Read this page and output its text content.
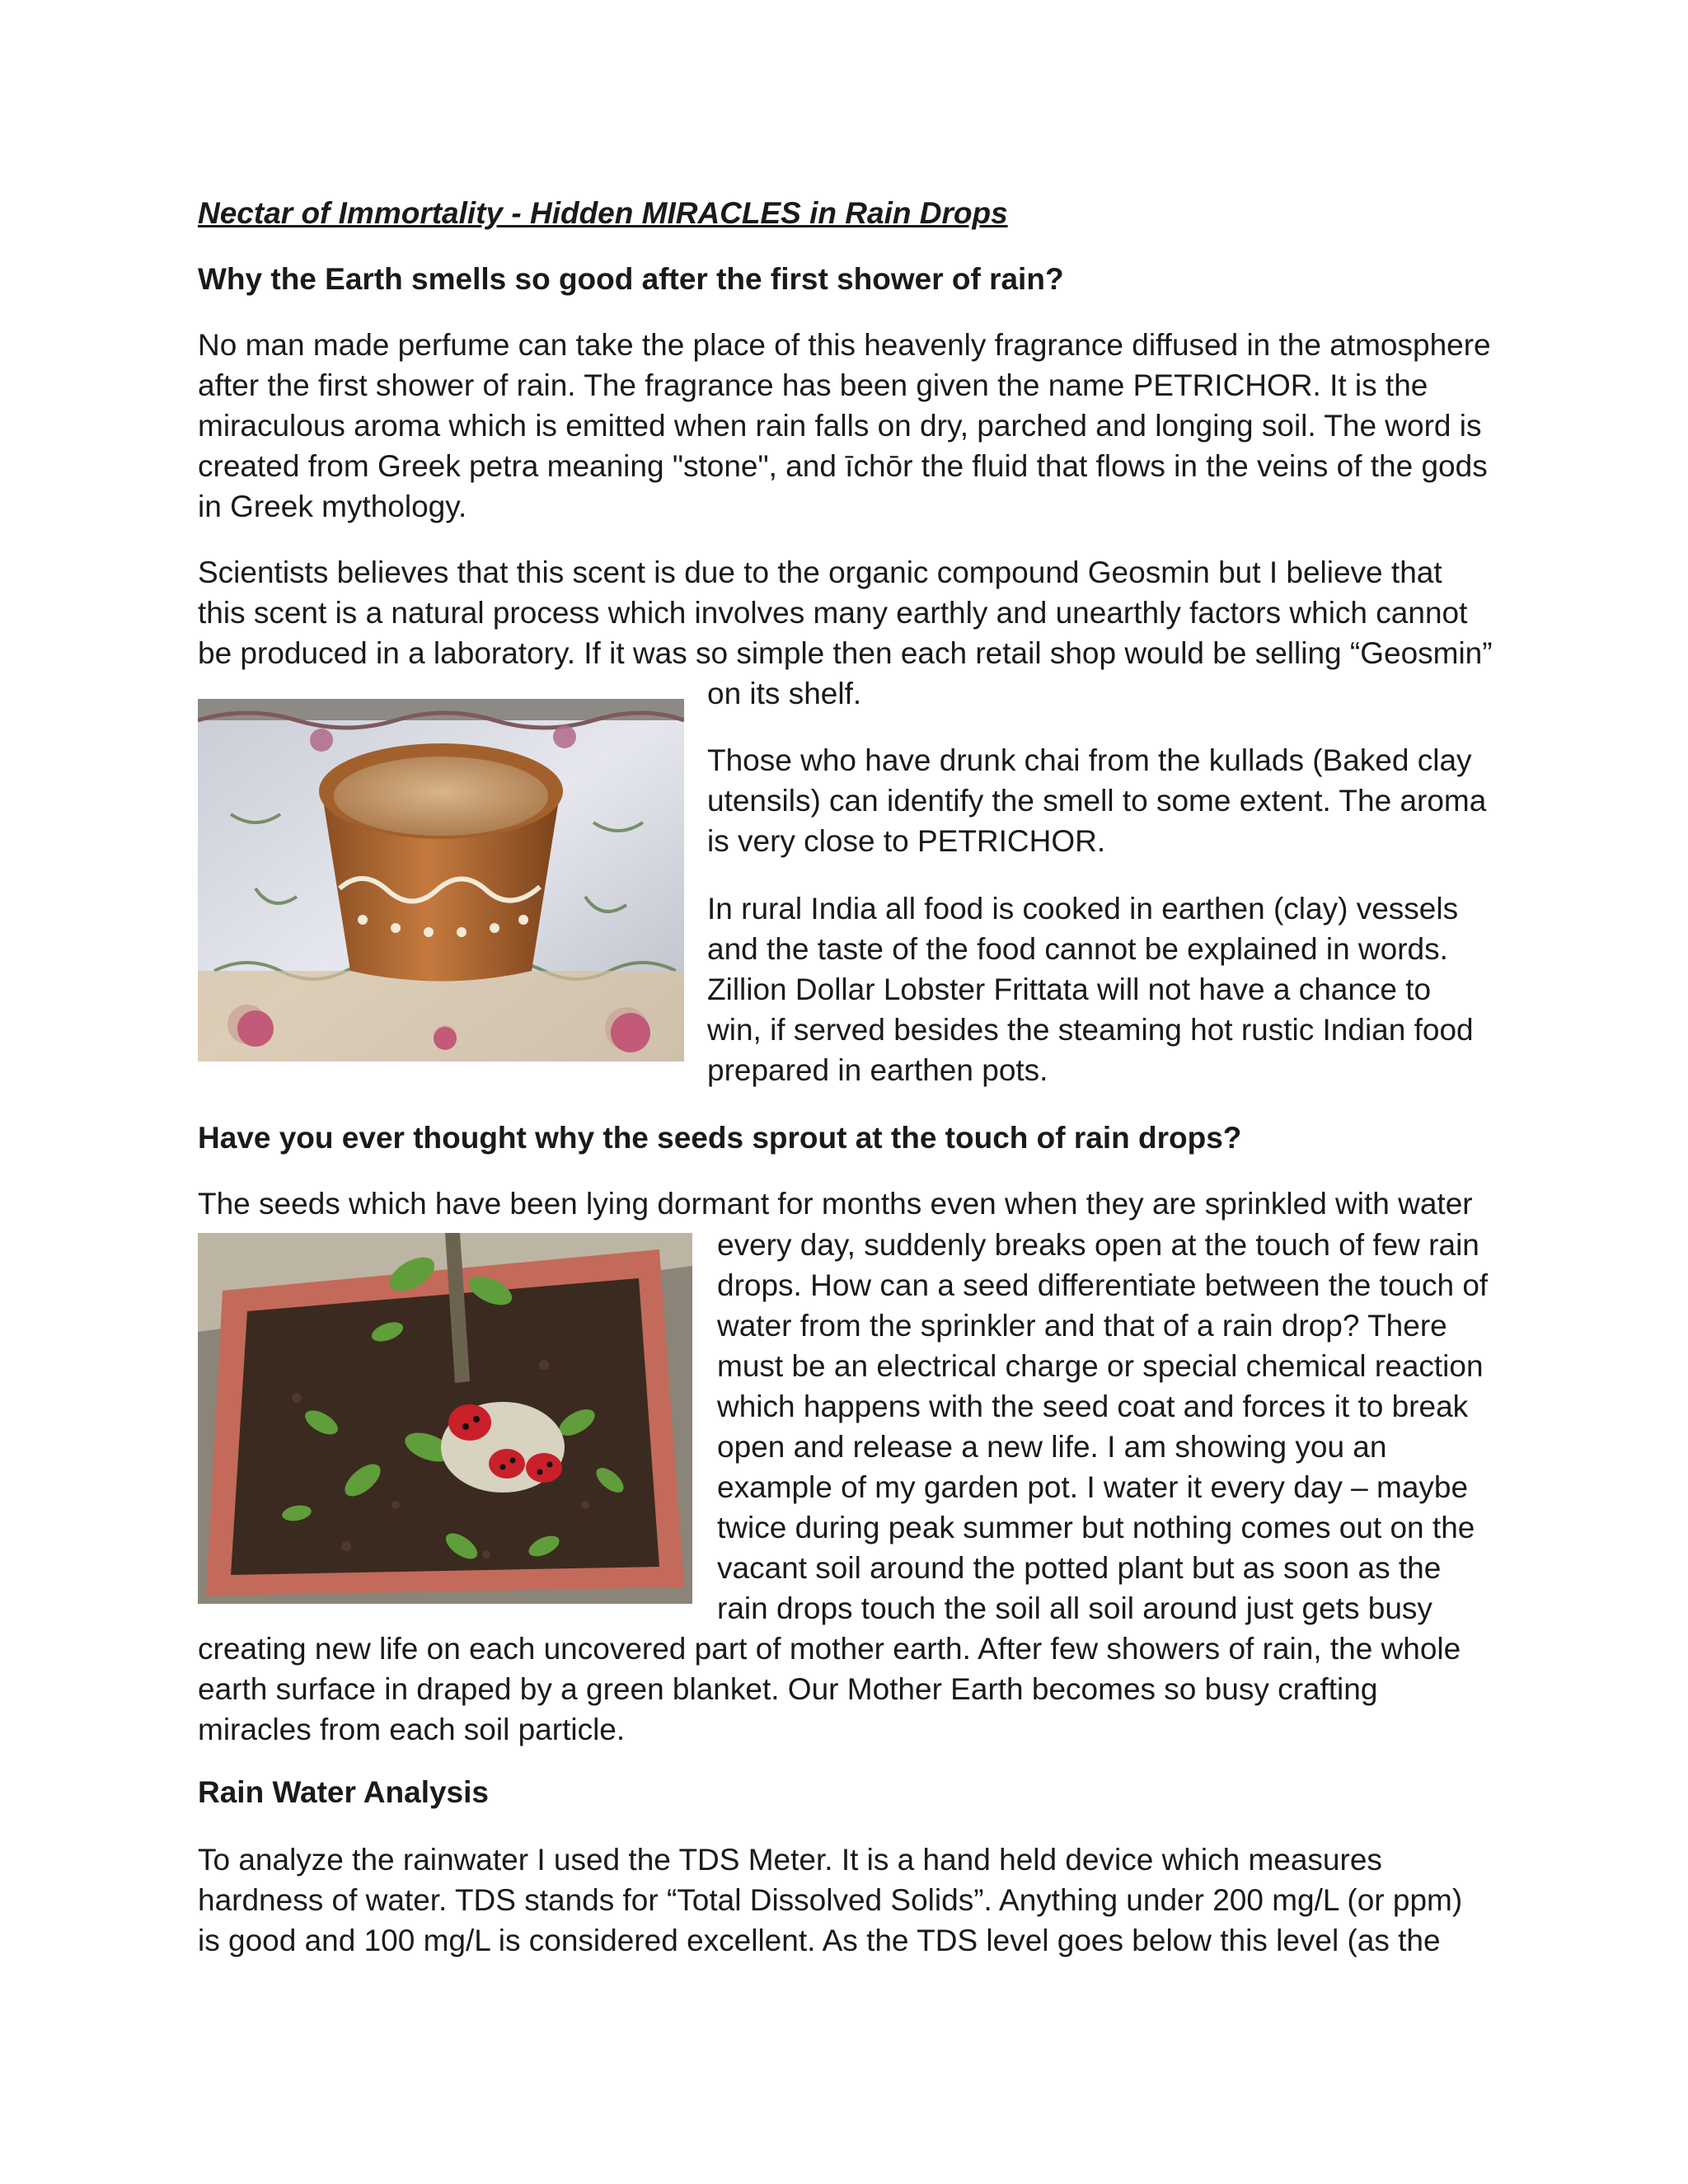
Nectar of Immortality - Hidden MIRACLES in Rain Drops

Why the Earth smells so good after the first shower of rain?

No man made perfume can take the place of this heavenly fragrance diffused in the atmosphere
after the first shower of rain. The fragrance has been given the name PETRICHOR. It is the
miraculous aroma which is emitted when rain falls on dry, parched and longing soil. The word is
created from Greek petra meaning "stone", and īchōr the fluid that flows in the veins of the gods
in Greek mythology.
Scientists believes that this scent is due to the organic compound Geosmin but I believe that
this scent is a natural process which involves many earthly and unearthly factors which cannot
be produced in a laboratory. If it was so simple then each retail shop would be selling “Geosmin”
on its shelf.
Those who have drunk chai from the kullads (Baked clay
utensils) can identify the smell to some extent. The aroma
is very close to PETRICHOR.
In rural India all food is cooked in earthen (clay) vessels
and the taste of the food cannot be explained in words.
Zillion Dollar Lobster Frittata will not have a chance to
win, if served besides the steaming hot rustic Indian food
prepared in earthen pots.

Have you ever thought why the seeds sprout at the touch of rain drops?

The seeds which have been lying dormant for months even when they are sprinkled with water

every day, suddenly breaks open at the touch of few rain
drops. How can a seed differentiate between the touch of
water from the sprinkler and that of a rain drop? There
must be an electrical charge or special chemical reaction
which happens with the seed coat and forces it to break
open and release a new life. I am showing you an
example of my garden pot. I water it every day – maybe
twice during peak summer but nothing comes out on the
vacant soil around the potted plant but as soon as the
rain drops touch the soil all soil around just gets busy
creating new life on each uncovered part of mother earth. After few showers of rain, the whole
earth surface in draped by a green blanket. Our Mother Earth becomes so busy crafting
miracles from each soil particle.

Rain Water Analysis

To analyze the rainwater I used the TDS Meter. It is a hand held device which measures
hardness of water. TDS stands for “Total Dissolved Solids”. Anything under 200 mg/L (or ppm)
is good and 100 mg/L is considered excellent. As the TDS level goes below this level (as the
